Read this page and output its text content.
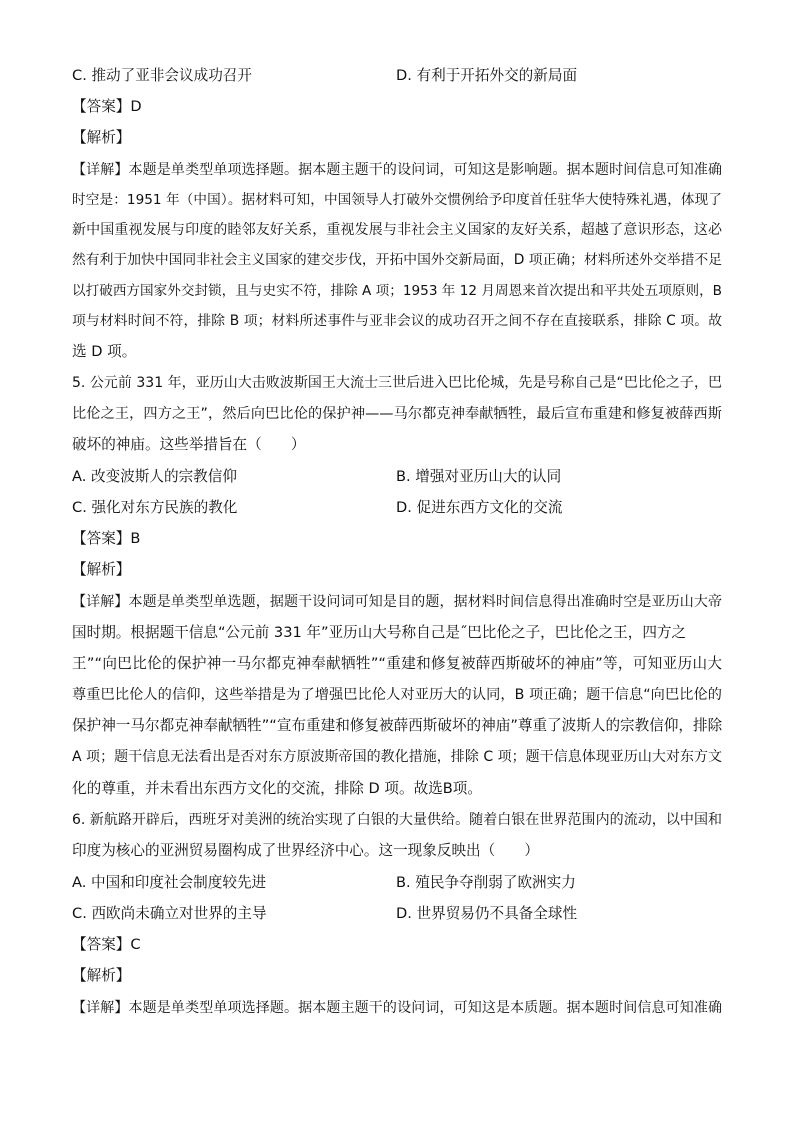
C. 推动了亚非会议成功召开	D. 有利于开拓外交的新局面
【答案】D
【解析】
【详解】本题是单类型单项选择题。据本题主题干的设问词，可知这是影响题。据本题时间信息可知准确
时空是：1951 年（中国）。据材料可知，中国领导人打破外交惯例给予印度首任驻华大使特殊礼遇，体现了
新中国重视发展与印度的睦邻友好关系，重视发展与非社会主义国家的友好关系，超越了意识形态，这必
然有利于加快中国同非社会主义国家的建交步伐，开拓中国外交新局面，D 项正确；材料所述外交举措不足
以打破西方国家外交封锁，且与史实不符，排除 A 项；1953 年 12 月周恩来首次提出和平共处五项原则，B
项与材料时间不符，排除 B 项；材料所述事件与亚非会议的成功召开之间不存在直接联系，排除 C 项。故
选 D 项。
5. 公元前 331 年，亚历山大击败波斯国王大流士三世后进入巴比伦城，先是号称自己是“巴比伦之子，巴
比伦之王，四方之王”，然后向巴比伦的保护神——马尔都克神奉献牺牲，最后宣布重建和修复被薛西斯
破坏的神庙。这些举措旨在（　　）
A. 改变波斯人的宗教信仰	B. 增强对亚历山大的认同
C. 强化对东方民族的教化	D. 促进东西方文化的交流
【答案】B
【解析】
【详解】本题是单类型单选题，据题干设问词可知是目的题，据材料时间信息得出准确时空是亚历山大帝
国时期。根据题干信息“公元前 331 年”亚历山大号称自己是˝巴比伦之子，巴比伦之王，四方之
王”“向巴比伦的保护神一马尔都克神奉献牺牲”“重建和修复被薛西斯破坏的神庙”等，可知亚历山大
尊重巴比伦人的信仰，这些举措是为了增强巴比伦人对亚历大的认同，B 项正确；题干信息“向巴比伦的
保护神一马尔都克神奉献牺牲”“宣布重建和修复被薛西斯破坏的神庙”尊重了波斯人的宗教信仰，排除
A 项；题干信息无法看出是否对东方原波斯帝国的教化措施，排除 C 项；题干信息体现亚历山大对东方文
化的尊重，并未看出东西方文化的交流，排除 D 项。故选B项。
6. 新航路开辟后，西班牙对美洲的统治实现了白银的大量供给。随着白银在世界范围内的流动，以中国和
印度为核心的亚洲贸易圈构成了世界经济中心。这一现象反映出（　　）
A. 中国和印度社会制度较先进	B. 殖民争夺削弱了欧洲实力
C. 西欧尚未确立对世界的主导	D. 世界贸易仍不具备全球性
【答案】C
【解析】
【详解】本题是单类型单项选择题。据本题主题干的设问词，可知这是本质题。据本题时间信息可知准确
